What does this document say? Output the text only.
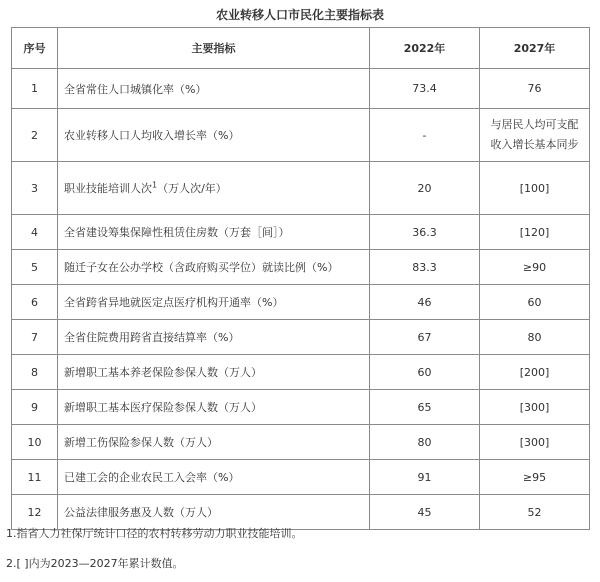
农业转移人口市民化主要指标表
序号	主要指标	2022年	2027年
1	全省常住人口城镇化率（%）	73.4	76
2	农业转移人口人均收入增长率（%）	-	与居民人均可支配收入增长基本同步
3	职业技能培训人次$^1$（万人次/年）	20	[100]
4	全省建设筹集保障性租赁住房数（万套［间］）	36.3	[120]
5	随迁子女在公办学校（含政府购买学位）就读比例（%）	83.3	≥90
6	全省跨省异地就医定点医疗机构开通率（%）	46	60
7	全省住院费用跨省直接结算率（%）	67	80
8	新增职工基本养老保险参保人数（万人）	60	[200]
9	新增职工基本医疗保险参保人数（万人）	65	[300]
10	新增工伤保险参保人数（万人）	80	[300]
11	已建工会的企业农民工入会率（%）	91	≥95
12	公益法律服务惠及人数（万人）	45	52
1.指省人力社保厅统计口径的农村转移劳动力职业技能培训。
2.[ ]内为2023—2027年累计数值。
